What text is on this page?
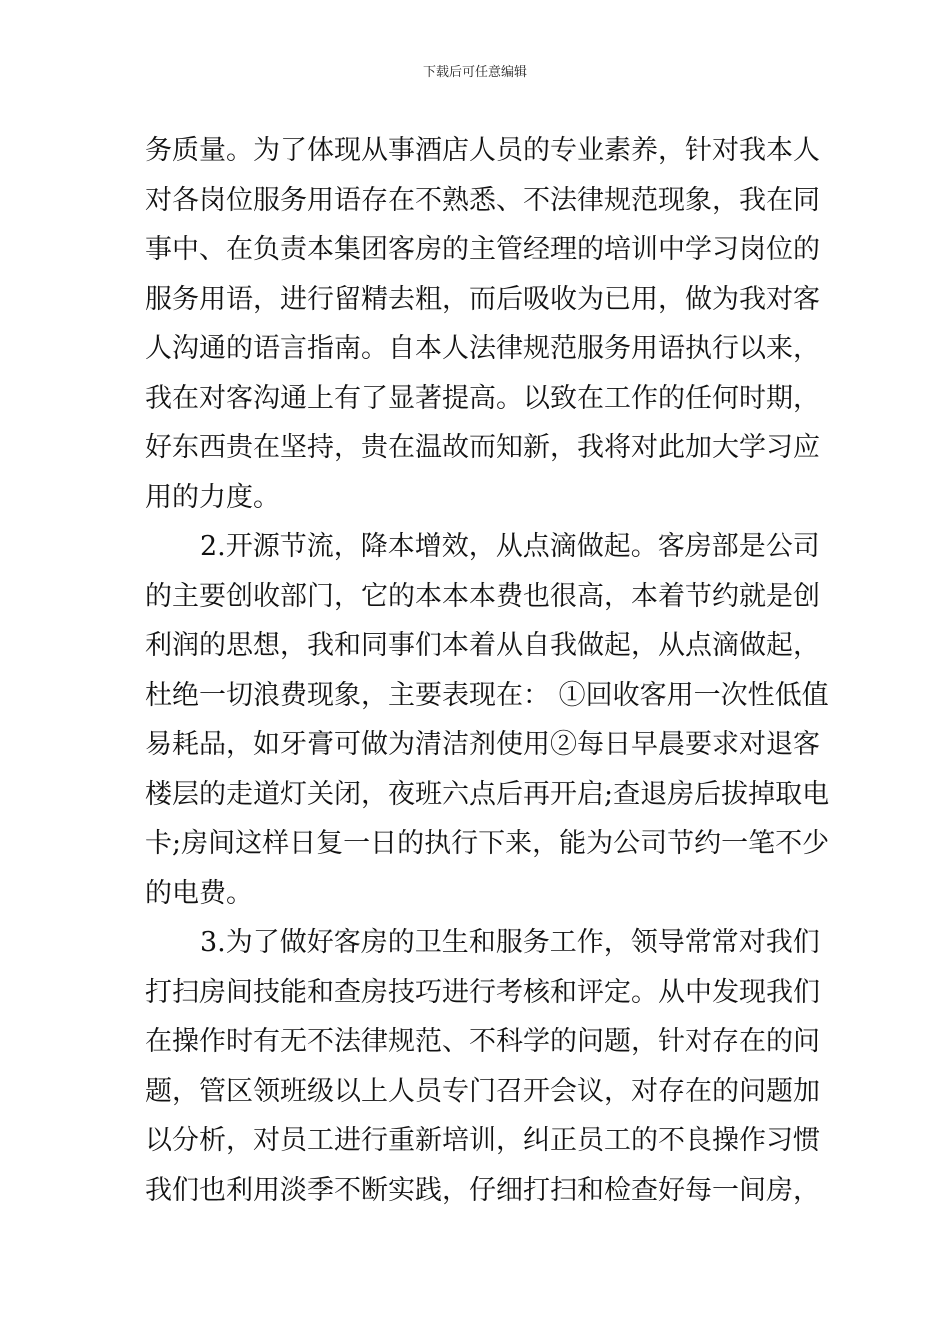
下载后可任意编辑
务质量。为了体现从事酒店人员的专业素养，针对我本人
对各岗位服务用语存在不熟悉、不法律规范现象，我在同
事中、在负责本集团客房的主管经理的培训中学习岗位的
服务用语，进行留精去粗，而后吸收为已用，做为我对客
人沟通的语言指南。自本人法律规范服务用语执行以来，
我在对客沟通上有了显著提高。以致在工作的任何时期，
好东西贵在坚持，贵在温故而知新，我将对此加大学习应
用的力度。
2.开源节流，降本增效，从点滴做起。客房部是公司
的主要创收部门，它的本本本费也很高，本着节约就是创
利润的思想，我和同事们本着从自我做起，从点滴做起，
杜绝一切浪费现象，主要表现在： ①回收客用一次性低值
易耗品，如牙膏可做为清洁剂使用②每日早晨要求对退客
楼层的走道灯关闭，夜班六点后再开启;查退房后拔掉取电
卡;房间这样日复一日的执行下来，能为公司节约一笔不少
的电费。
3.为了做好客房的卫生和服务工作，领导常常对我们
打扫房间技能和查房技巧进行考核和评定。从中发现我们
在操作时有无不法律规范、不科学的问题，针对存在的问
题，管区领班级以上人员专门召开会议，对存在的问题加
以分析，对员工进行重新培训，纠正员工的不良操作习惯
我们也利用淡季不断实践，仔细打扫和检查好每一间房，
